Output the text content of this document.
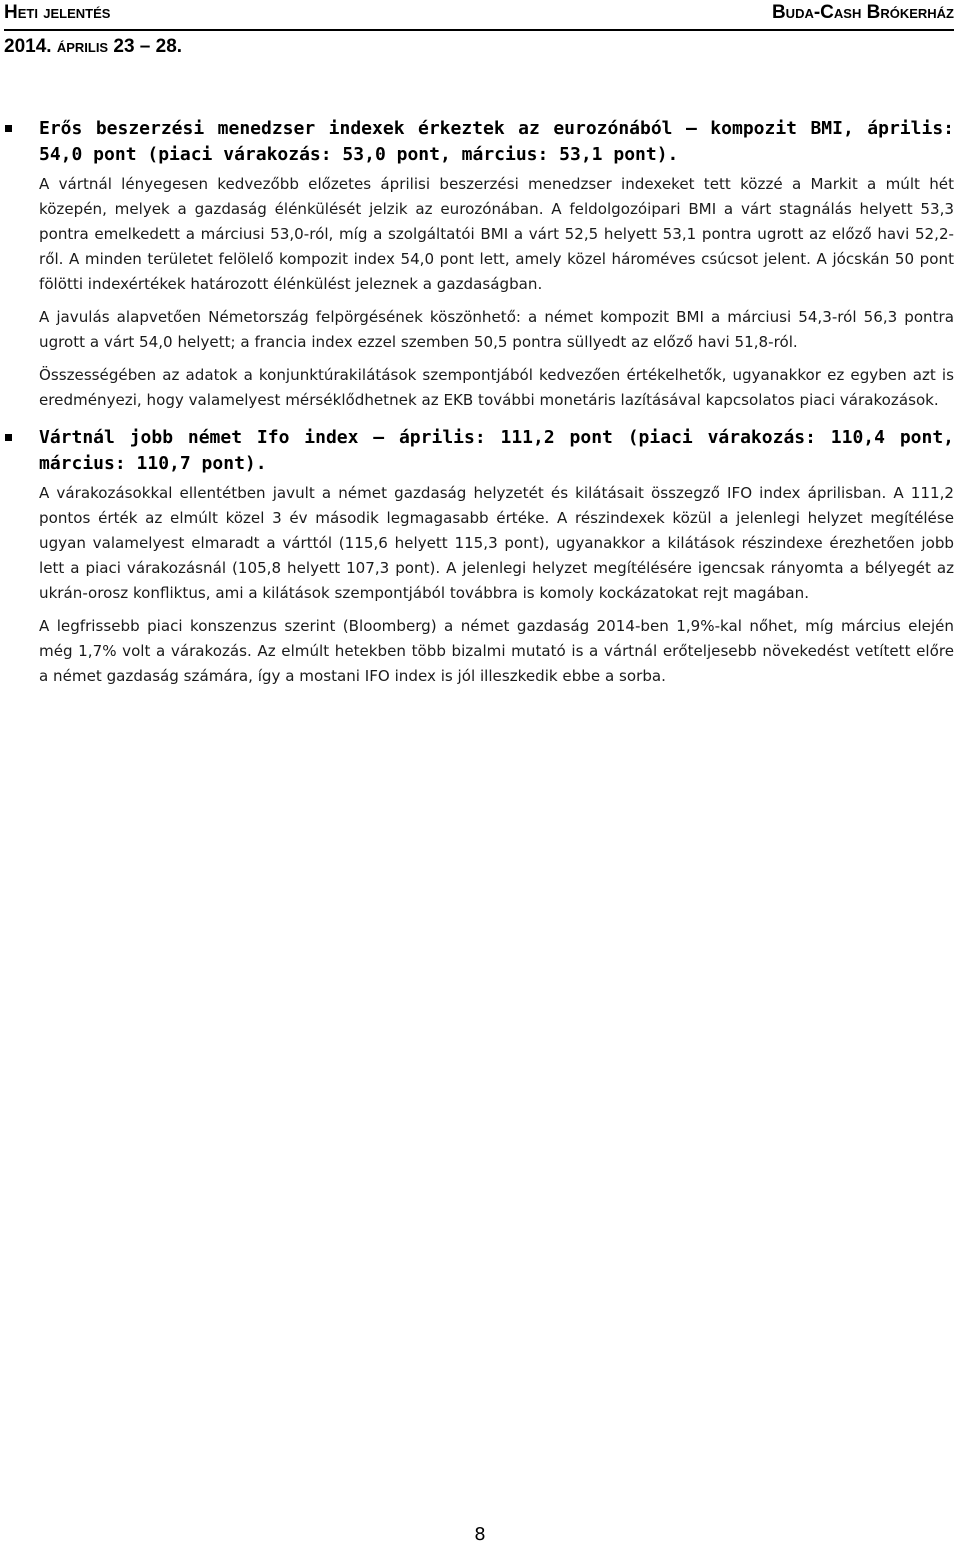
Heti jelentés	Buda-Cash Brókerház
2014. április 23 – 28.
Erős beszerzési menedzser indexek érkeztek az eurozónából – kompozit BMI, április: 54,0 pont (piaci várakozás: 53,0 pont, március: 53,1 pont).

A vártnál lényegesen kedvezőbb előzetes áprilisi beszerzési menedzser indexeket tett közzé a Markit a múlt hét közepén, melyek a gazdaság élénkülését jelzik az eurozónában. A feldolgozóipari BMI a várt stagnálás helyett 53,3 pontra emelkedett a márciusi 53,0-ról, míg a szolgáltatói BMI a várt 52,5 helyett 53,1 pontra ugrott az előző havi 52,2-ről. A minden területet felölelő kompozit index 54,0 pont lett, amely közel hároméves csúcsot jelent. A jócskán 50 pont fölötti indexértékek határozott élénkülést jeleznek a gazdaságban.

A javulás alapvetően Németország felpörgésének köszönhető: a német kompozit BMI a márciusi 54,3-ról 56,3 pontra ugrott a várt 54,0 helyett; a francia index ezzel szemben 50,5 pontra süllyedt az előző havi 51,8-ról.

Összességében az adatok a konjunktúrakilátások szempontjából kedvezően értékelhetők, ugyanakkor ez egyben azt is eredményezi, hogy valamelyest mérséklődhetnek az EKB további monetáris lazításával kapcsolatos piaci várakozások.

Vártnál jobb német Ifo index – április: 111,2 pont (piaci várakozás: 110,4 pont, március: 110,7 pont).

A várakozásokkal ellentétben javult a német gazdaság helyzetét és kilátásait összegző IFO index áprilisban. A 111,2 pontos érték az elmúlt közel 3 év második legmagasabb értéke. A részindexek közül a jelenlegi helyzet megítélése ugyan valamelyest elmaradt a várttól (115,6 helyett 115,3 pont), ugyanakkor a kilátások részindexe érezhetően jobb lett a piaci várakozásnál (105,8 helyett 107,3 pont). A jelenlegi helyzet megítélésére igencsak rányomta a bélyegét az ukrán-orosz konfliktus, ami a kilátások szempontjából továbbra is komoly kockázatokat rejt magában.

A legfrissebb piaci konszenzus szerint (Bloomberg) a német gazdaság 2014-ben 1,9%-kal nőhet, míg március elején még 1,7% volt a várakozás. Az elmúlt hetekben több bizalmi mutató is a vártnál erőteljesebb növekedést vetített előre a német gazdaság számára, így a mostani IFO index is jól illeszkedik ebbe a sorba.

8
